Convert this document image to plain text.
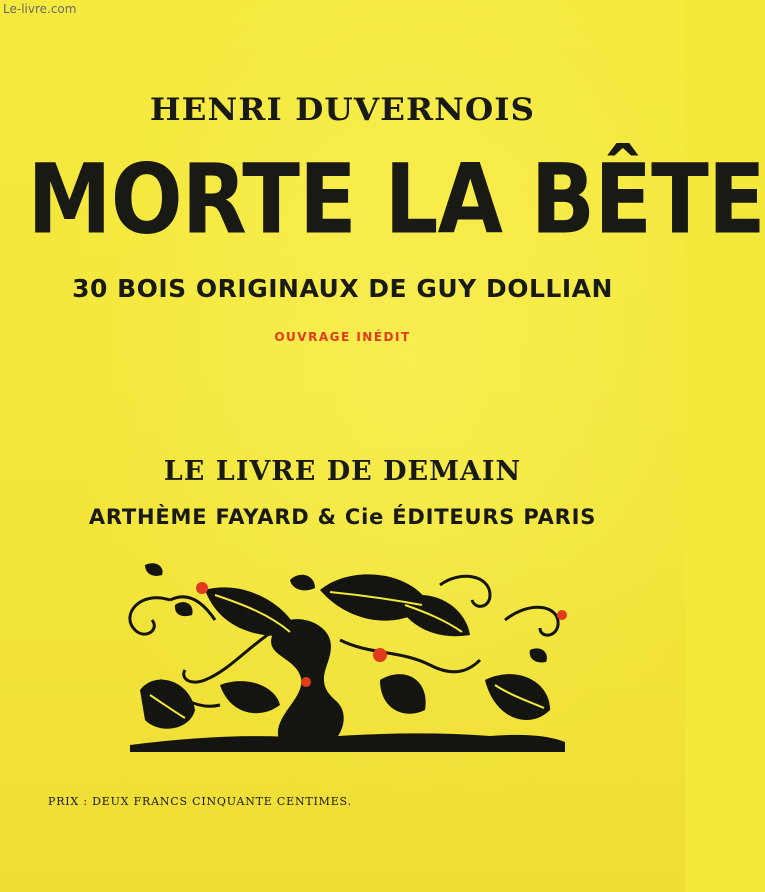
Le-livre.com
HENRI DUVERNOIS
MORTE LA BÊTE
30 BOIS ORIGINAUX DE GUY DOLLIAN
OUVRAGE INÉDIT
LE LIVRE DE DEMAIN
ARTHÈME FAYARD & Cie ÉDITEURS PARIS
PRIX : DEUX FRANCS CINQUANTE CENTIMES.
